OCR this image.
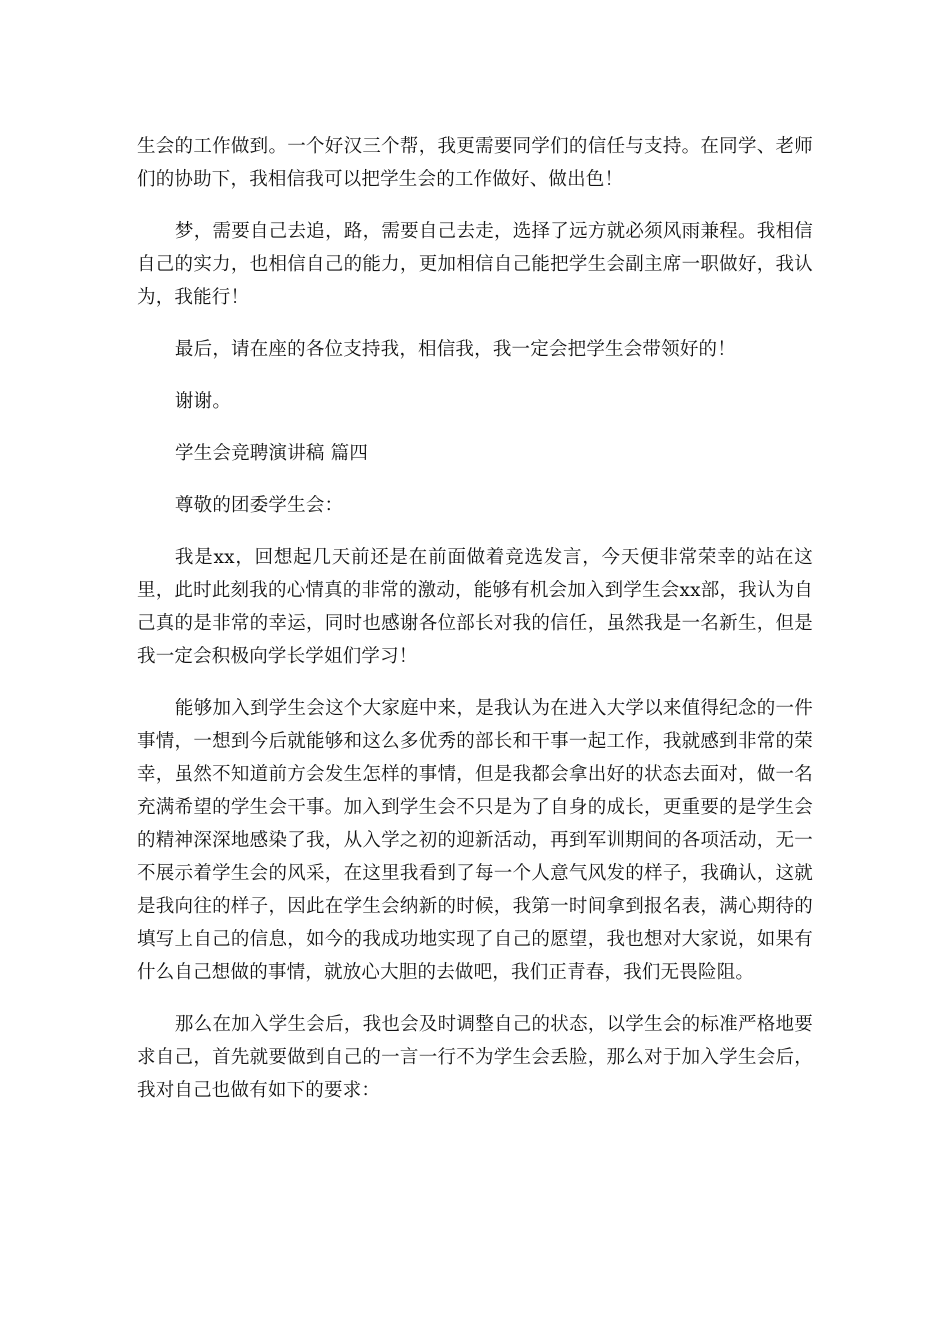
生会的工作做到。一个好汉三个帮，我更需要同学们的信任与支持。在同学、老师们的协助下，我相信我可以把学生会的工作做好、做出色！

梦，需要自己去追，路，需要自己去走，选择了远方就必须风雨兼程。我相信自己的实力，也相信自己的能力，更加相信自己能把学生会副主席一职做好，我认为，我能行！

最后，请在座的各位支持我，相信我，我一定会把学生会带领好的！

谢谢。

学生会竞聘演讲稿 篇四

尊敬的团委学生会：

我是xx，回想起几天前还是在前面做着竞选发言，今天便非常荣幸的站在这里，此时此刻我的心情真的非常的激动，能够有机会加入到学生会xx部，我认为自己真的是非常的幸运，同时也感谢各位部长对我的信任，虽然我是一名新生，但是我一定会积极向学长学姐们学习！

能够加入到学生会这个大家庭中来，是我认为在进入大学以来值得纪念的一件事情，一想到今后就能够和这么多优秀的部长和干事一起工作，我就感到非常的荣幸，虽然不知道前方会发生怎样的事情，但是我都会拿出好的状态去面对，做一名充满希望的学生会干事。加入到学生会不只是为了自身的成长，更重要的是学生会的精神深深地感染了我，从入学之初的迎新活动，再到军训期间的各项活动，无一不展示着学生会的风采，在这里我看到了每一个人意气风发的样子，我确认，这就是我向往的样子，因此在学生会纳新的时候，我第一时间拿到报名表，满心期待的填写上自己的信息，如今的我成功地实现了自己的愿望，我也想对大家说，如果有什么自己想做的事情，就放心大胆的去做吧，我们正青春，我们无畏险阻。

那么在加入学生会后，我也会及时调整自己的状态，以学生会的标准严格地要求自己，首先就要做到自己的一言一行不为学生会丢脸，那么对于加入学生会后，我对自己也做有如下的要求：
